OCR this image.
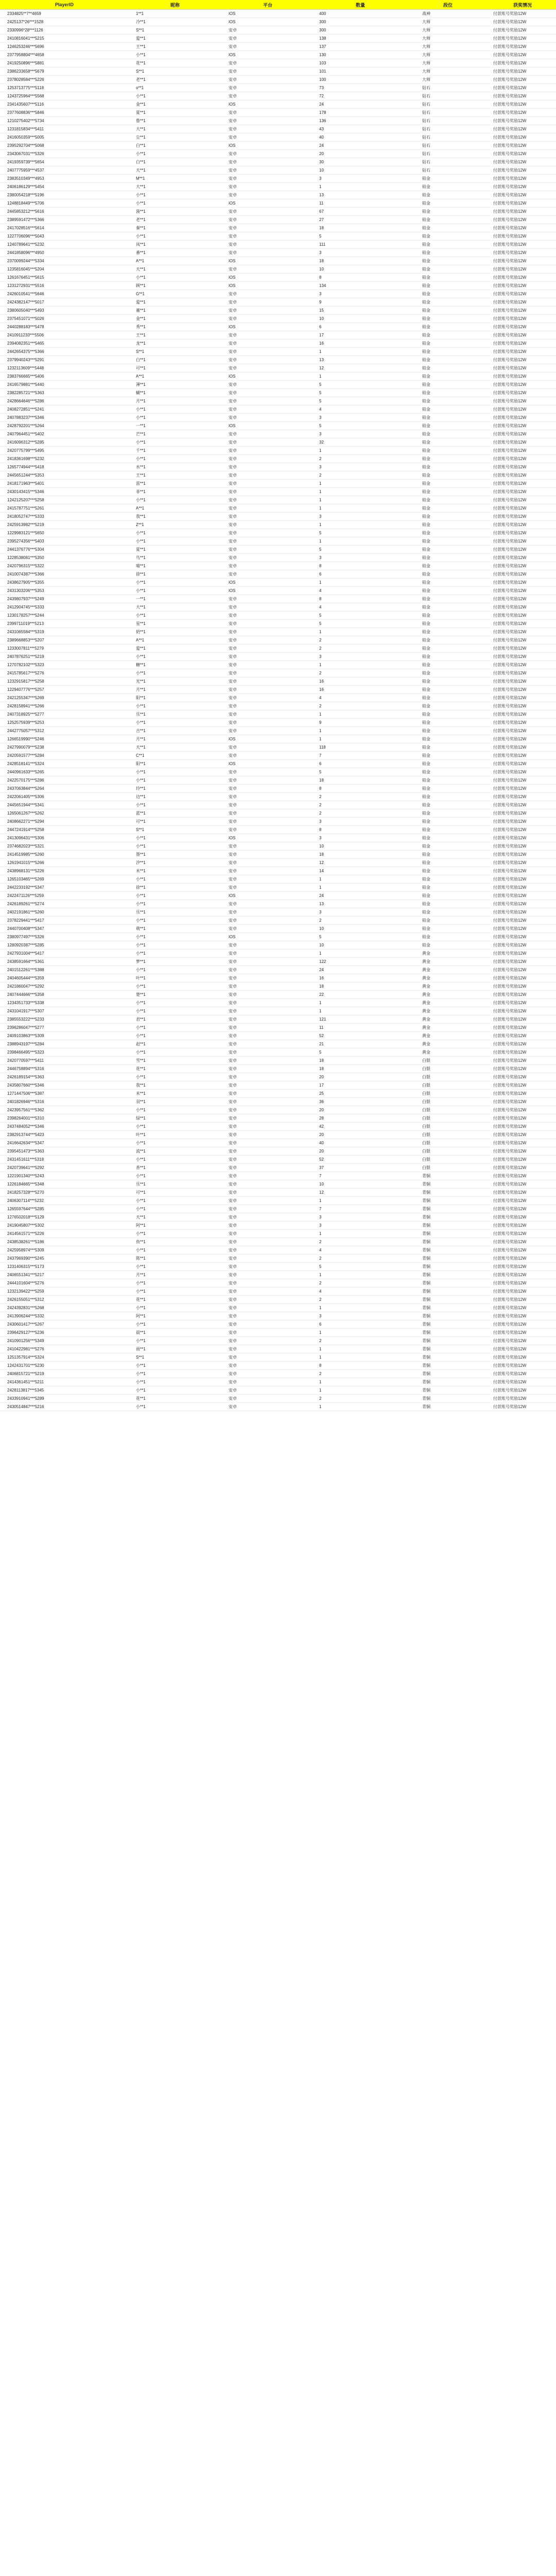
PlayerID	昵称	平台	数量	段位	获奖情况
2334825**7**4659	1**1	iOS	400	战神	付款账号奖励12W
2425137*26***1528	冷**1	iOS	300	大师	付款账号奖励12W
2330996*28***1126	S**1	安卓	300	大师	付款账号奖励12W
2410816041***5215	爱**1	安卓	138	大师	付款账号奖励12W
1246253246***5696	王**1	安卓	137	大师	付款账号奖励12W
2377958804***4658	小**1	iOS	130	大师	付款账号奖励12W
2419250896***5881	花**1	安卓	103	大师	付款账号奖励12W
2386233658***5679	S**1	安卓	101	大师	付款账号奖励12W
2378028584***5226	老**1	安卓	100	大师	付款账号奖励12W
1253713775***5118	o**1	安卓	73	钻石	付款账号奖励12W
1243725964***5568	小**1	安卓	72	钻石	付款账号奖励12W
2341435607***5116	金**1	iOS	24	钻石	付款账号奖励12W
2377608836***5846	夏**1	安卓	178	钻石	付款账号奖励12W
1210275402***5734	鲁**1	安卓	136	钻石	付款账号奖励12W
1231815834***5411	大**1	安卓	43	钻石	付款账号奖励12W
2416050359***5005	尘**1	安卓	40	钻石	付款账号奖励12W
2395292704***5068	白**1	iOS	24	钻石	付款账号奖励12W
2343067031***5326	小**1	安卓	20	钻石	付款账号奖励12W
2419359739***5654	白**1	安卓	30	钻石	付款账号奖励12W
2407775959***4537	天**1	安卓	10	钻石	付款账号奖励12W
2383510349***4953	M**1	安卓	3	铂金	付款账号奖励12W
2406186129***5454	大**1	安卓	1	铂金	付款账号奖励12W
2380054218***5196	小**1	安卓	13	铂金	付款账号奖励12W
1248818449***5706	小**1	iOS	11	铂金	付款账号奖励12W
2445853212***5616	菠**1	安卓	67	铂金	付款账号奖励12W
2389591472***5366	老**1	安卓	27	铂金	付款账号奖励12W
2417028516***5614	秦**1	安卓	18	铂金	付款账号奖励12W
1227706096***5043	小**1	安卓	5	铂金	付款账号奖励12W
1240789641***5232	凤**1	安卓	111	铂金	付款账号奖励12W
2441858096***4950	番**1	安卓	3	铂金	付款账号奖励12W
2370099244***5334	A**1	iOS	18	铂金	付款账号奖励12W
1235816045***5204	天**1	安卓	10	铂金	付款账号奖励12W
1261676451***5615	小**1	iOS	8	铂金	付款账号奖励12W
1231272931***5516	顾**1	iOS	134	铂金	付款账号奖励12W
2426010541***5646	G**1	安卓	3	铂金	付款账号奖励12W
2424382147***5017	爱**1	安卓	9	铂金	付款账号奖励12W
2380605040***5493	董**1	安卓	15	铂金	付款账号奖励12W
2375451071***5026	金**1	安卓	10	铂金	付款账号奖励12W
2440288183***5478	秀**1	iOS	6	铂金	付款账号奖励12W
2410911233***5506	王**1	安卓	17	铂金	付款账号奖励12W
2394082351***5465	龙**1	安卓	16	铂金	付款账号奖励12W
2442654375***5366	S**1	安卓	1	铂金	付款账号奖励12W
2379940243***5291	白**1	安卓	13	铂金	付款账号奖励12W
1232113609***5448	可**1	安卓	12	铂金	付款账号奖励12W
2383766665***5406	A**1	iOS	1	铂金	付款账号奖励12W
2416579881***5440	薄**1	安卓	5	铂金	付款账号奖励12W
2382285721***5363	蝴**1	安卓	5	铂金	付款账号奖励12W
2428664646***5286	月**1	安卓	5	铂金	付款账号奖励12W
2408272851***5241	小**1	安卓	4	铂金	付款账号奖励12W
2407883237***5346	小**1	安卓	3	铂金	付款账号奖励12W
2428792201***5264	一**1	iOS	5	铂金	付款账号奖励12W
2407964451***5402	芒**1	安卓	3	铂金	付款账号奖励12W
2416096312***5285	小**1	安卓	32	铂金	付款账号奖励12W
2420775799***5495	千**1	安卓	1	铂金	付款账号奖励12W
2418361698***5232	小**1	安卓	2	铂金	付款账号奖励12W
1265774944***5418	水**1	安卓	3	铂金	付款账号奖励12W
2445651244***5353	王**1	安卓	2	铂金	付款账号奖励12W
2418171963***5401	雷**1	安卓	1	铂金	付款账号奖励12W
2430143415***5346	菲**1	安卓	1	铂金	付款账号奖励12W
1242125207***5258	小**1	安卓	1	铂金	付款账号奖励12W
2415787751***5261	A**1	安卓	1	铂金	付款账号奖励12W
2418052747***5333	我**1	安卓	3	铂金	付款账号奖励12W
2425913982***5219	Z**1	安卓	1	铂金	付款账号奖励12W
1229983121***5650	小**1	安卓	5	铂金	付款账号奖励12W
2395274356***5403	小**1	安卓	1	铂金	付款账号奖励12W
2441376776***5304	夏**1	安卓	5	铂金	付款账号奖励12W
1228538081***5350	鸟**1	安卓	3	铂金	付款账号奖励12W
2420796315***5322	喵**1	安卓	8	铂金	付款账号奖励12W
2410074387***5366	徐**1	安卓	6	铂金	付款账号奖励12W
2438627905***5355	小**1	iOS	1	铂金	付款账号奖励12W
2431303206***5353	小**1	iOS	4	铂金	付款账号奖励12W
2439807937***5249	一**1	安卓	8	铂金	付款账号奖励12W
2412904745***5333	大**1	安卓	4	铂金	付款账号奖励12W
1230178257***5244	小**1	安卓	5	铂金	付款账号奖励12W
2399711019***5213	星**1	安卓	5	铂金	付款账号奖励12W
2431065584***5319	奶**1	安卓	1	铂金	付款账号奖励12W
2389668853***5207	A**1	安卓	2	铂金	付款账号奖励12W
1233007811***5279	爱**1	安卓	2	铂金	付款账号奖励12W
2407876251***5219	小**1	安卓	3	铂金	付款账号奖励12W
1270782102***5323	糖**1	安卓	1	铂金	付款账号奖励12W
2415785617***5276	小**1	安卓	2	铂金	付款账号奖励12W
1232915817***5258	光**1	安卓	16	铂金	付款账号奖励12W
1229407776***5257	月**1	安卓	16	铂金	付款账号奖励12W
2421255347***5269	阳**1	安卓	4	铂金	付款账号奖励12W
2428158941***5266	小**1	安卓	2	铂金	付款账号奖励12W
2407318925***5277	乐**1	安卓	1	铂金	付款账号奖励12W
1252575939***5253	小**1	安卓	9	铂金	付款账号奖励12W
2442775057***5312	吉**1	安卓	1	铂金	付款账号奖励12W
1266519990***5246	月**1	iOS	1	铂金	付款账号奖励12W
2427990079***5238	天**1	安卓	118	铂金	付款账号奖励12W
2420591577***5284	C**1	安卓	7	铂金	付款账号奖励12W
2428518141***5324	阳**1	iOS	6	铂金	付款账号奖励12W
2440961633***5265	小**1	安卓	5	铂金	付款账号奖励12W
2422570175***5286	小**1	安卓	18	铂金	付款账号奖励12W
2437063844***5264	玲**1	安卓	8	铂金	付款账号奖励12W
2422061405***5306	边**1	安卓	2	铂金	付款账号奖励12W
2445651944***5341	小**1	安卓	2	铂金	付款账号奖励12W
1265061267***5262	蓝**1	安卓	2	铂金	付款账号奖励12W
2408662271***5294	可**1	安卓	3	铂金	付款账号奖励12W
2447241914***5258	S**1	安卓	8	铂金	付款账号奖励12W
2413096431***5306	小**1	iOS	3	铂金	付款账号奖励12W
2374682023***5321	小**1	安卓	10	铂金	付款账号奖励12W
2414519985***5260	墨**1	安卓	18	铂金	付款账号奖励12W
1261941015***5266	汐**1	安卓	12	铂金	付款账号奖励12W
2438968131***5226	米**1	安卓	14	铂金	付款账号奖励12W
1265103465***5269	小**1	安卓	1	铂金	付款账号奖励12W
2442233192***5347	徐**1	安卓	1	铂金	付款账号奖励12W
2422471126***5259	小**1	iOS	24	铂金	付款账号奖励12W
2426189261***5274	小**1	安卓	13	铂金	付款账号奖励12W
2402191861***5260	乐**1	安卓	3	铂金	付款账号奖励12W
2378229441***5417	小**1	安卓	2	铂金	付款账号奖励12W
2440700408***5347	萌**1	安卓	10	铂金	付款账号奖励12W
2380977497***5326	小**1	iOS	5	铂金	付款账号奖励12W
1280920387***5285	小**1	安卓	10	铂金	付款账号奖励12W
2427931004***5417	小**1	安卓	1	黄金	付款账号奖励12W
2438591664***5361	梦**1	安卓	122	黄金	付款账号奖励12W
2401512261***5388	小**1	安卓	24	黄金	付款账号奖励12W
2404605444***5359	叶**1	安卓	16	黄金	付款账号奖励12W
2421860047***5292	小**1	安卓	18	黄金	付款账号奖励12W
2407444666***5358	楚**1	安卓	22	黄金	付款账号奖励12W
1234351733***5338	小**1	安卓	1	黄金	付款账号奖励12W
2431041917***5307	小**1	安卓	1	黄金	付款账号奖励12W
2385553222***5233	君**1	安卓	121	黄金	付款账号奖励12W
2396286047***5277	小**1	安卓	11	黄金	付款账号奖励12W
2409103863***5309	小**1	安卓	52	黄金	付款账号奖励12W
2388943197***5284	赵**1	安卓	21	黄金	付款账号奖励12W
2398466495***5323	小**1	安卓	5	黄金	付款账号奖励12W
2420770597***5411	雪**1	安卓	18	白银	付款账号奖励12W
2446758894***5316	花**1	安卓	18	白银	付款账号奖励12W
2426189154***5363	小**1	安卓	20	白银	付款账号奖励12W
2435807660***5346	我**1	安卓	17	白银	付款账号奖励12W
1271447506***5387	米**1	安卓	25	白银	付款账号奖励12W
2401826946***5316	羽**1	安卓	36	白银	付款账号奖励12W
2423957561***5362	小**1	安卓	20	白银	付款账号奖励12W
2398264001***5310	绿**1	安卓	28	白银	付款账号奖励12W
2437484052***5346	小**1	安卓	42	白银	付款账号奖励12W
2382913744***5423	叶**1	安卓	20	白银	付款账号奖励12W
2416642634***5347	小**1	安卓	40	白银	付款账号奖励12W
2395451473***5363	流**1	安卓	20	白银	付款账号奖励12W
2431451611***5318	小**1	安卓	52	白银	付款账号奖励12W
2420739641***5292	香**1	安卓	37	白银	付款账号奖励12W
1221901340***5243	小**1	安卓	7	青铜	付款账号奖励12W
1226184665***5348	乐**1	安卓	10	青铜	付款账号奖励12W
2418257328***5270	可**1	安卓	12	青铜	付款账号奖励12W
2406307114***5232	小**1	安卓	1	青铜	付款账号奖励12W
1265597644***5285	小**1	安卓	7	青铜	付款账号奖励12W
1276502018***5129	天**1	安卓	3	青铜	付款账号奖励12W
2419045807***5302	阿**1	安卓	3	青铜	付款账号奖励12W
2414561571***5226	小**1	安卓	1	青铜	付款账号奖励12W
2438538261***5186	鱼**1	安卓	2	青铜	付款账号奖励12W
2425958974***5309	小**1	安卓	4	青铜	付款账号奖励12W
2437969390***5245	陈**1	安卓	2	青铜	付款账号奖励12W
1231406315***5173	小**1	安卓	5	青铜	付款账号奖励12W
2406551341***5217	月**1	安卓	1	青铜	付款账号奖励12W
2444101604***5276	小**1	安卓	2	青铜	付款账号奖励12W
1232139422***5259	小**1	安卓	4	青铜	付款账号奖励12W
2426155051***5312	花**1	安卓	2	青铜	付款账号奖励12W
2424392831***5268	小**1	安卓	1	青铜	付款账号奖励12W
2413906244***5332	阿**1	安卓	3	青铜	付款账号奖励12W
2430601417***5267	小**1	安卓	6	青铜	付款账号奖励12W
2396429127***5236	晨**1	安卓	1	青铜	付款账号奖励12W
2410901256***5349	小**1	安卓	2	青铜	付款账号奖励12W
2410422981***5276	雨**1	安卓	1	青铜	付款账号奖励12W
1251357914***5324	S**1	安卓	1	青铜	付款账号奖励12W
1242431701***5230	小**1	安卓	8	青铜	付款账号奖励12W
2406815721***5219	小**1	安卓	2	青铜	付款账号奖励12W
2414361451***5211	小**1	安卓	1	青铜	付款账号奖励12W
2428113817***5345	小**1	安卓	1	青铜	付款账号奖励12W
2433910941***5289	花**1	安卓	2	青铜	付款账号奖励12W
2430514847***5216	小**1	安卓	1	青铜	付款账号奖励12W
